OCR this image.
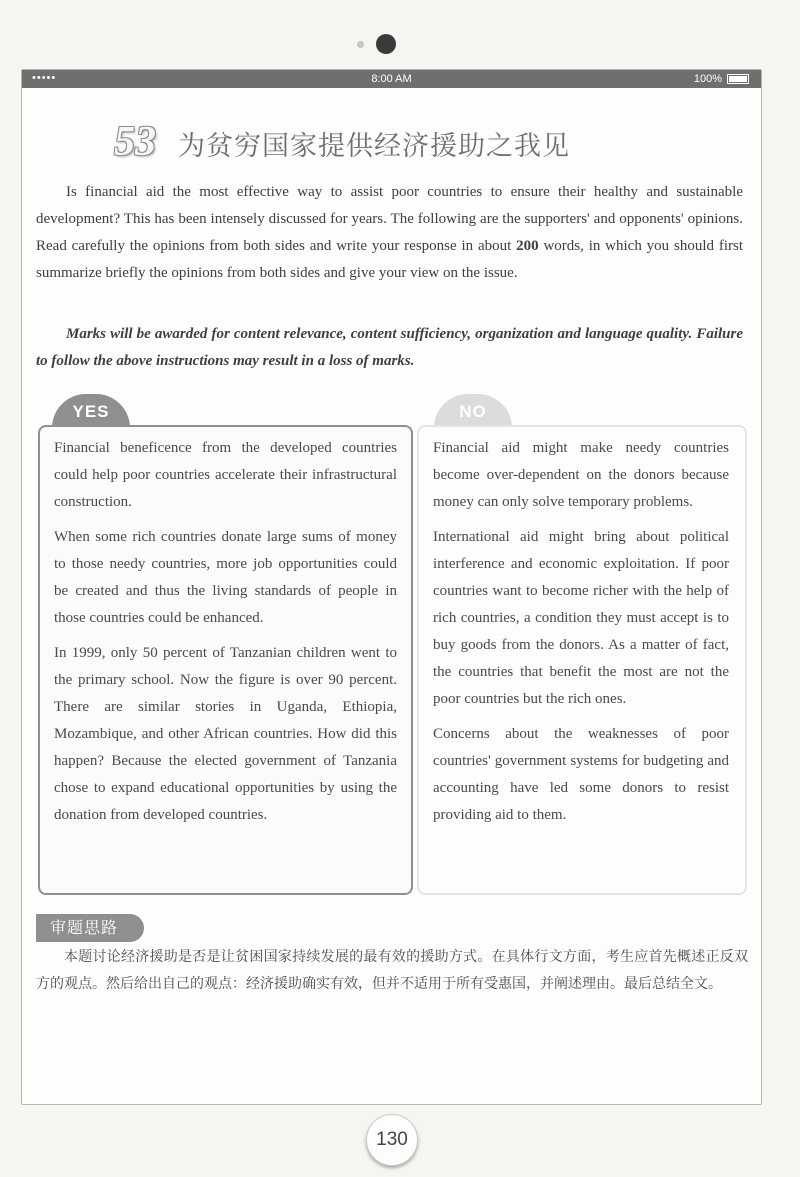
•••••	8:00 AM	100%
53 为贫穷国家提供经济援助之我见

Is financial aid the most effective way to assist poor countries to ensure their healthy and sustainable development? This has been intensely discussed for years. The following are the supporters' and opponents' opinions. Read carefully the opinions from both sides and write your response in about 200 words, in which you should first summarize briefly the opinions from both sides and give your view on the issue.

Marks will be awarded for content relevance, content sufficiency, organization and language quality. Failure to follow the above instructions may result in a loss of marks.

YES	NO

Financial beneficence from the developed countries could help poor countries accelerate their infrastructural construction.

When some rich countries donate large sums of money to those needy countries, more job opportunities could be created and thus the living standards of people in those countries could be enhanced.

In 1999, only 50 percent of Tanzanian children went to the primary school. Now the figure is over 90 percent. There are similar stories in Uganda, Ethiopia, Mozambique, and other African countries. How did this happen? Because the elected government of Tanzania chose to expand educational opportunities by using the donation from developed countries.

Financial aid might make needy countries become over-dependent on the donors because money can only solve temporary problems.

International aid might bring about political interference and economic exploitation. If poor countries want to become richer with the help of rich countries, a condition they must accept is to buy goods from the donors. As a matter of fact, the countries that benefit the most are not the poor countries but the rich ones.

Concerns about the weaknesses of poor countries' government systems for budgeting and accounting have led some donors to resist providing aid to them.

审题思路

本题讨论经济援助是否是让贫困国家持续发展的最有效的援助方式。在具体行文方面，考生应首先概述正反双方的观点。然后给出自己的观点：经济援助确实有效，但并不适用于所有受惠国，并阐述理由。最后总结全文。

130
